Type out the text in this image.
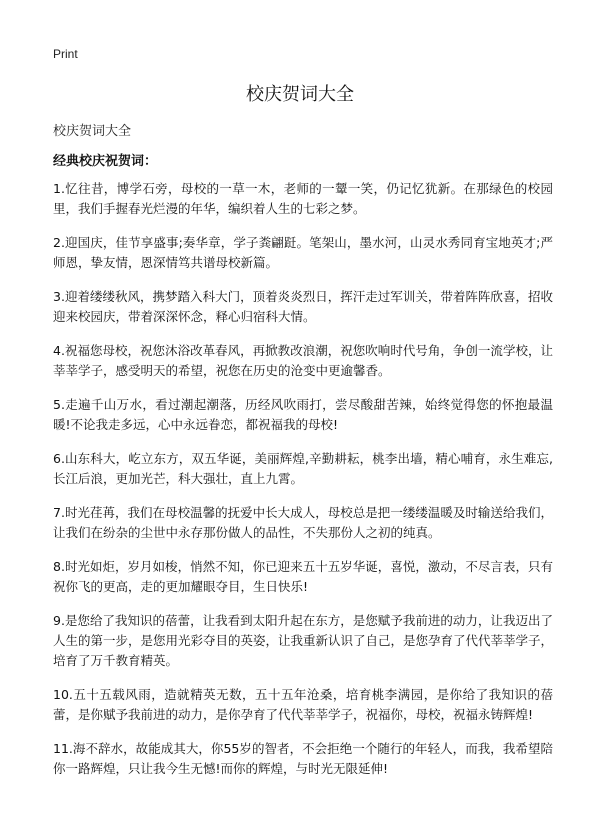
Print
校庆贺词大全
校庆贺词大全
经典校庆祝贺词：
1.忆往昔，博学石旁，母校的一草一木，老师的一颦一笑，仍记忆犹新。在那绿色的校园里，我们手握春光烂漫的年华，编织着人生的七彩之梦。
2.迎国庆，佳节享盛事;奏华章，学子粪翩跹。笔架山，墨水河，山灵水秀同育宝地英才;严师恩，挚友情，恩深情笃共谱母校新篇。
3.迎着缕缕秋风，携梦踏入科大门，顶着炎炎烈日，挥汗走过军训关，带着阵阵欣喜，招收迎来校园庆，带着深深怀念，释心归宿科大情。
4.祝福您母校，祝您沐浴改革春风，再掀教改浪潮，祝您吹响时代号角，争创一流学校，让莘莘学子，感受明天的希望，祝您在历史的沧变中更逾馨香。
5.走遍千山万水，看过潮起潮落，历经风吹雨打，尝尽酸甜苦辣，始终觉得您的怀抱最温暖!不论我走多远，心中永远眷恋，都祝福我的母校!
6.山东科大，屹立东方，双五华诞，美丽辉煌,辛勤耕耘，桃李出墙，精心哺育，永生难忘,长江后浪，更加光芒，科大强壮，直上九霄。
7.时光荏苒，我们在母校温馨的抚爱中长大成人，母校总是把一缕缕温暖及时输送给我们，让我们在纷杂的尘世中永存那份做人的品性，不失那份人之初的纯真。
8.时光如炬，岁月如梭，悄然不知，你已迎来五十五岁华诞，喜悦，激动，不尽言表，只有祝你飞的更高，走的更加耀眼夺目，生日快乐!
9.是您给了我知识的蓓蕾，让我看到太阳升起在东方，是您赋予我前进的动力，让我迈出了人生的第一步，是您用光彩夺目的英姿，让我重新认识了自己，是您孕育了代代莘莘学子，培育了万千教育精英。
10.五十五载风雨，造就精英无数，五十五年沧桑，培育桃李满园，是你给了我知识的蓓蕾，是你赋予我前进的动力，是你孕育了代代莘莘学子，祝福你，母校，祝福永铸辉煌!
11.海不辞水，故能成其大，你55岁的智者，不会拒绝一个随行的年轻人，而我，我希望陪你一路辉煌，只让我今生无憾!而你的辉煌，与时光无限延伸!
